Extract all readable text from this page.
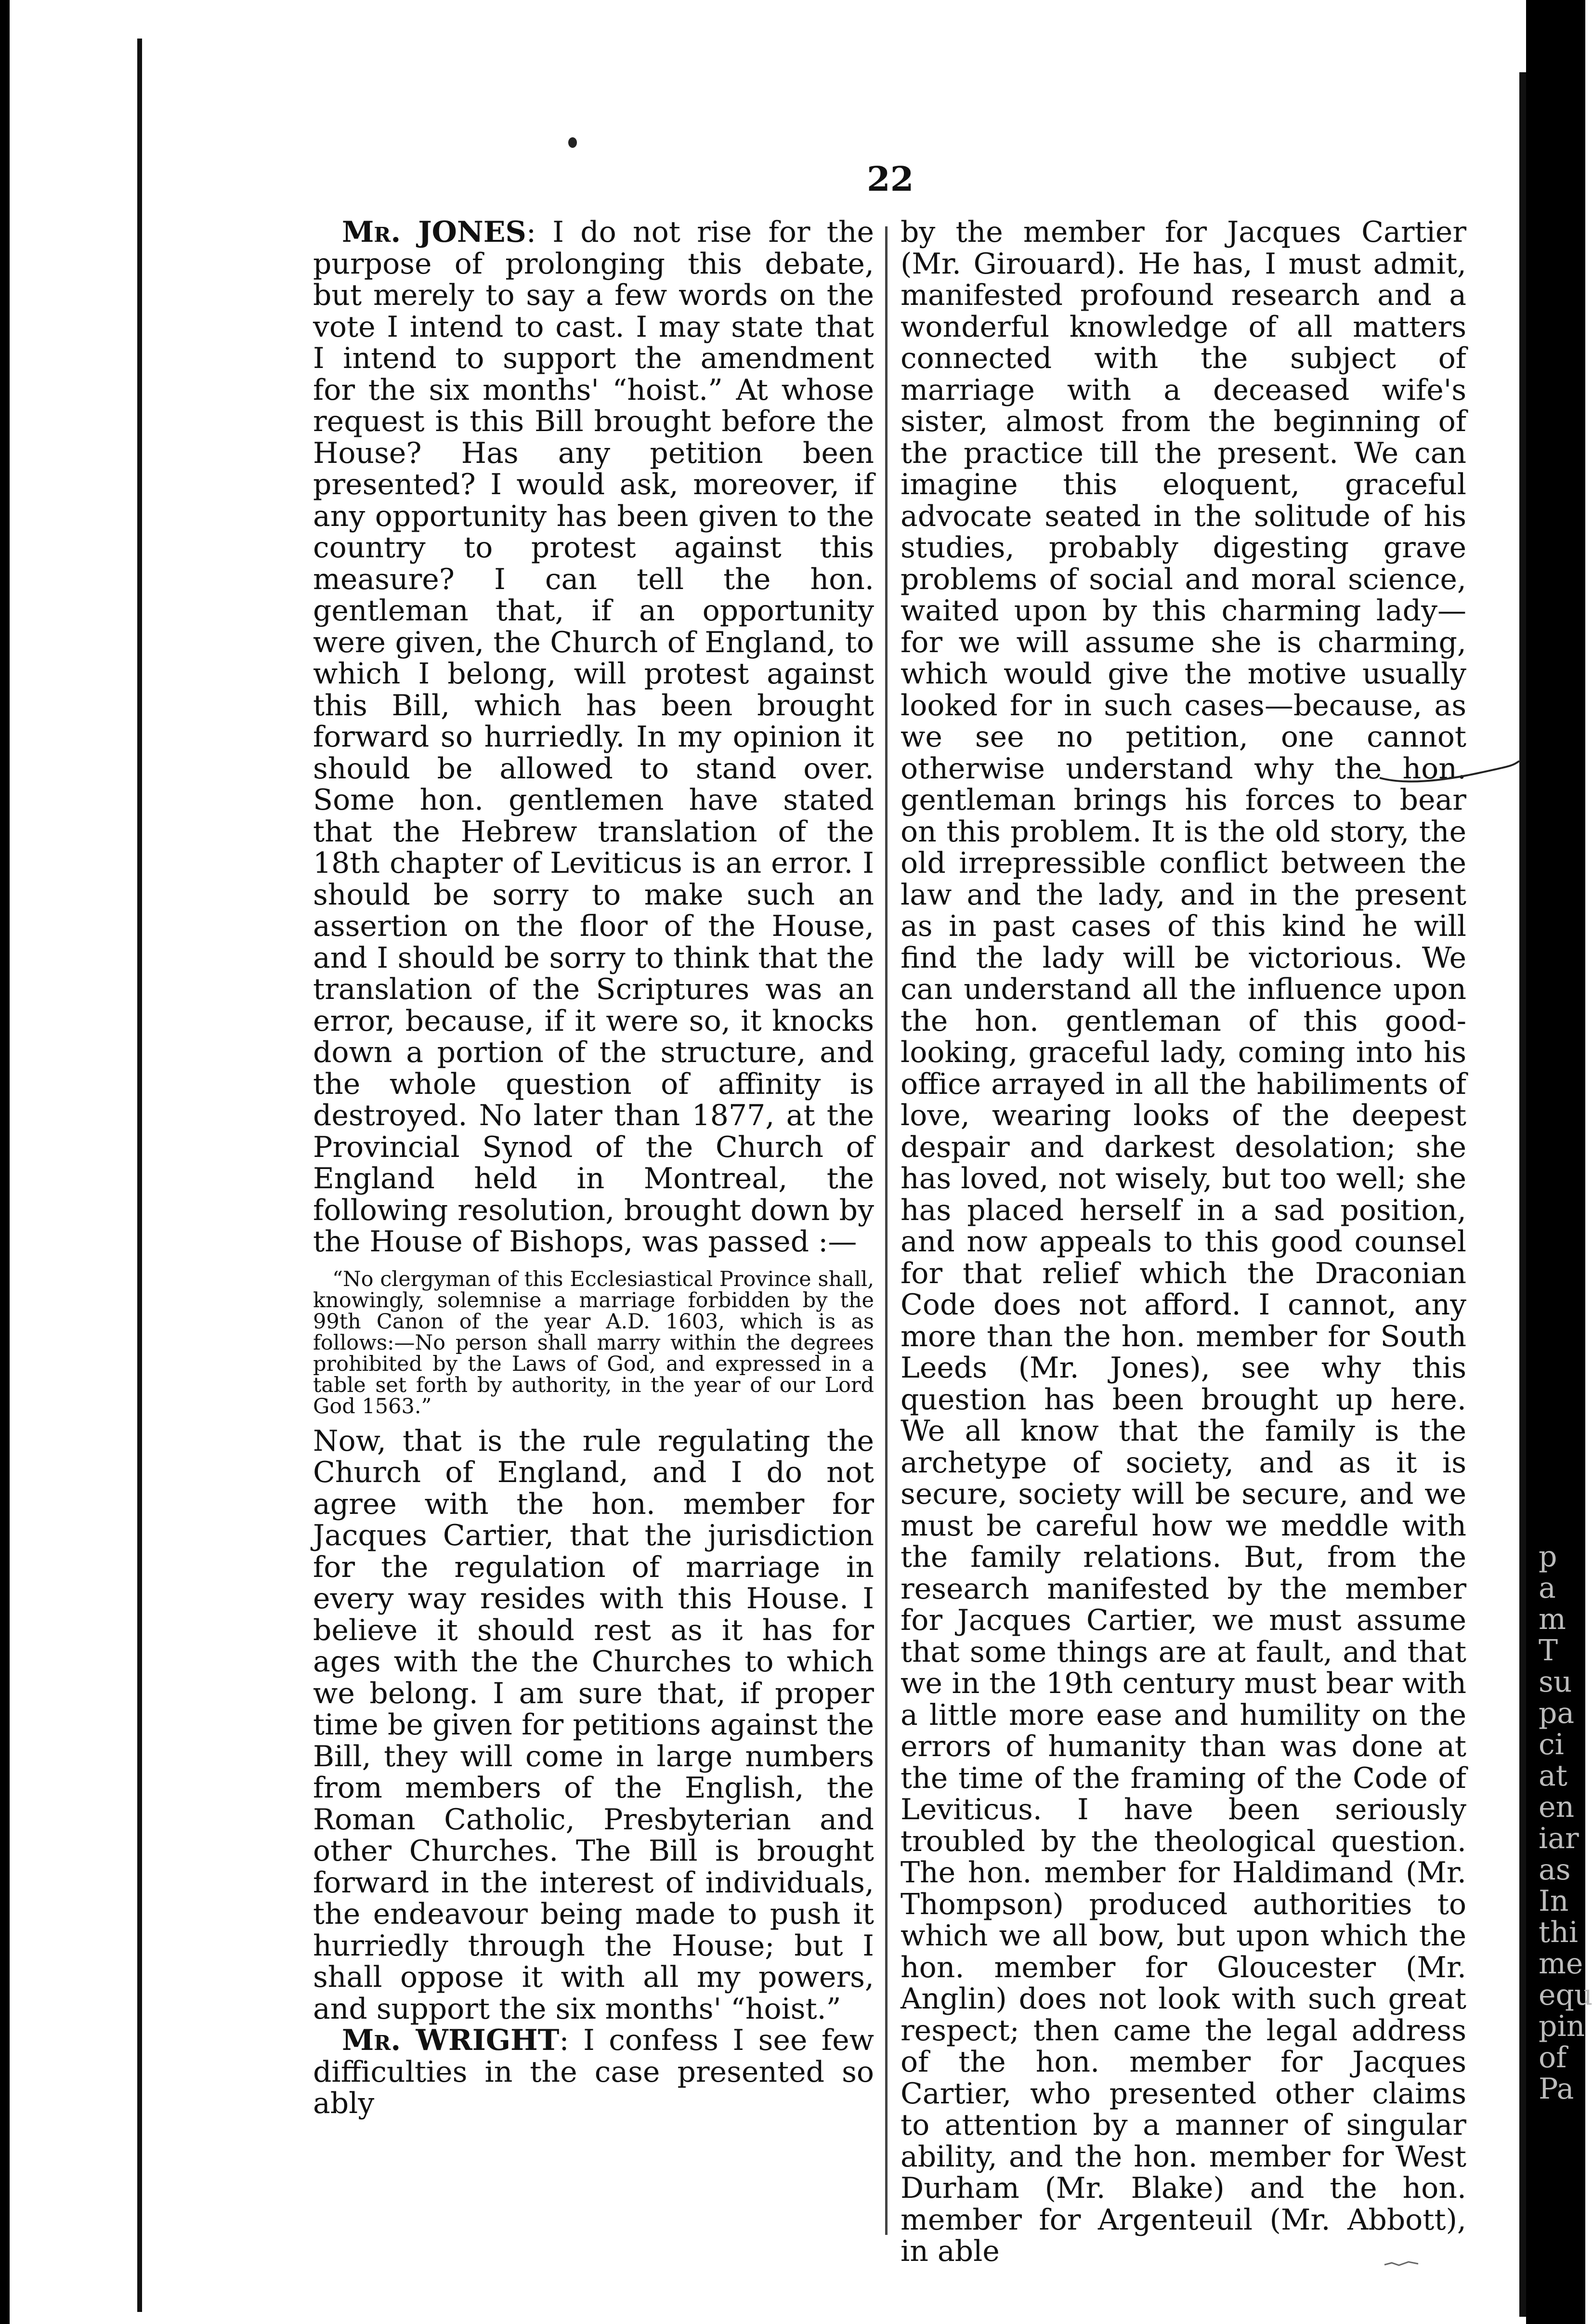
22

Mr. JONES: I do not rise for the purpose of prolonging this debate, but merely to say a few words on the vote I intend to cast. I may state that I intend to support the amendment for the six months' “hoist.” At whose request is this Bill brought before the House? Has any petition been presented? I would ask, moreover, if any opportunity has been given to the country to protest against this measure? I can tell the hon. gentleman that, if an opportunity were given, the Church of England, to which I belong, will protest against this Bill, which has been brought forward so hurriedly. In my opinion it should be allowed to stand over. Some hon. gentlemen have stated that the Hebrew translation of the 18th chapter of Leviticus is an error. I should be sorry to make such an assertion on the floor of the House, and I should be sorry to think that the translation of the Scriptures was an error, because, if it were so, it knocks down a portion of the structure, and the whole question of affinity is destroyed. No later than 1877, at the Provincial Synod of the Church of England held in Montreal, the following resolution, brought down by the House of Bishops, was passed :—

“No clergyman of this Ecclesiastical Province shall, knowingly, solemnise a marriage forbidden by the 99th Canon of the year A.D. 1603, which is as follows:—No person shall marry within the degrees prohibited by the Laws of God, and expressed in a table set forth by authority, in the year of our Lord God 1563.”

Now, that is the rule regulating the Church of England, and I do not agree with the hon. member for Jacques Cartier, that the jurisdiction for the regulation of marriage in every way resides with this House. I believe it should rest as it has for ages with the the Churches to which we belong. I am sure that, if proper time be given for petitions against the Bill, they will come in large numbers from members of the English, the Roman Catholic, Presbyterian and other Churches. The Bill is brought forward in the interest of individuals, the endeavour being made to push it hurriedly through the House; but I shall oppose it with all my powers, and support the six months' “hoist.”

Mr. WRIGHT: I confess I see few difficulties in the case presented so ably

by the member for Jacques Cartier (Mr. Girouard). He has, I must admit, manifested profound research and a wonderful knowledge of all matters connected with the subject of marriage with a deceased wife's sister, almost from the beginning of the practice till the present. We can imagine this eloquent, graceful advocate seated in the solitude of his studies, probably digesting grave problems of social and moral science, waited upon by this charming lady—for we will assume she is charming, which would give the motive usually looked for in such cases—because, as we see no petition, one cannot otherwise understand why the hon. gentleman brings his forces to bear on this problem. It is the old story, the old irrepressible conflict between the law and the lady, and in the present as in past cases of this kind he will find the lady will be victorious. We can understand all the influence upon the hon. gentleman of this good-looking, graceful lady, coming into his office arrayed in all the habiliments of love, wearing looks of the deepest despair and darkest desolation; she has loved, not wisely, but too well; she has placed herself in a sad position, and now appeals to this good counsel for that relief which the Draconian Code does not afford. I cannot, any more than the hon. member for South Leeds (Mr. Jones), see why this question has been brought up here. We all know that the family is the archetype of society, and as it is secure, society will be secure, and we must be careful how we meddle with the family relations. But, from the research manifested by the member for Jacques Cartier, we must assume that some things are at fault, and that we in the 19th century must bear with a little more ease and humility on the errors of humanity than was done at the time of the framing of the Code of Leviticus. I have been seriously troubled by the theological question. The hon. member for Haldimand (Mr. Thompson) produced authorities to which we all bow, but upon which the hon. member for Gloucester (Mr. Anglin) does not look with such great respect; then came the legal address of the hon. member for Jacques Cartier, who presented other claims to attention by a manner of singular ability, and the hon. member for West Durham (Mr. Blake) and the hon. member for Argenteuil (Mr. Abbott), in able

p
a
m
T
su
pa
ci
at
en
iar
as
In
thi
me
equ
pin
of
Pa
